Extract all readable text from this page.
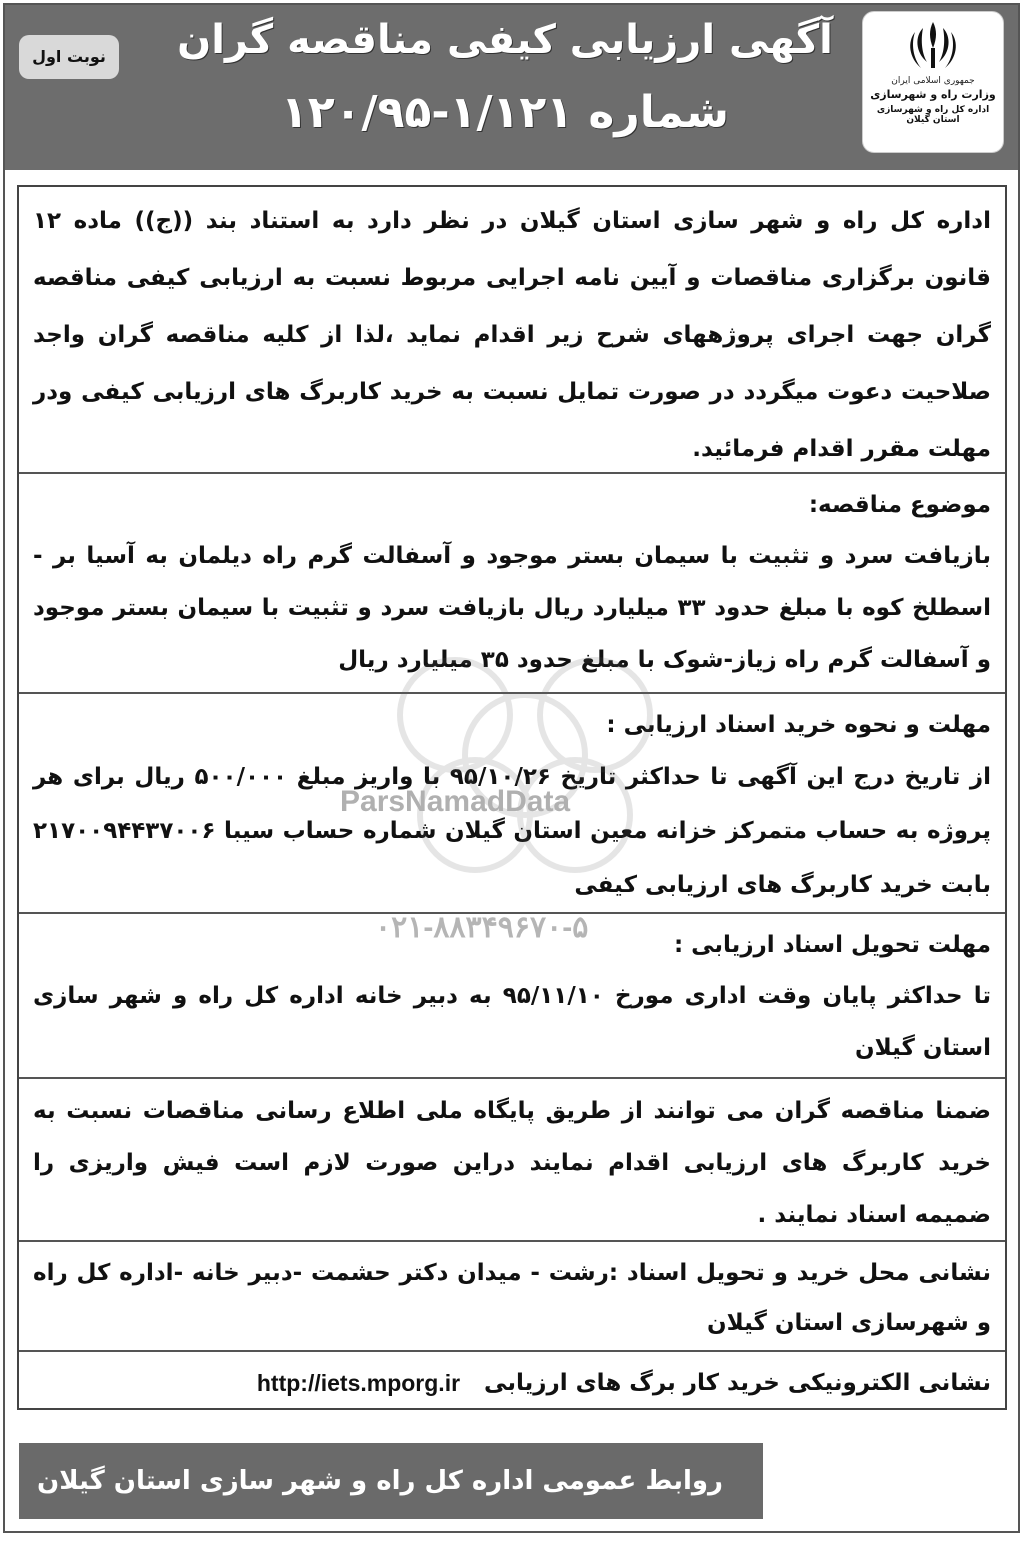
جمهوری اسلامی ایران
وزارت راه و شهرسازی
اداره کل راه و شهرسازی استان گیلان
آگهی ارزیابی کیفی مناقصه گران
شماره ۱/۱۲۱-۱۲۰/۹۵
نوبت اول

اداره کل راه و شهر سازی استان گیلان در نظر دارد به استناد بند ((ج)) ماده ۱۲ قانون برگزاری مناقصات و آیین نامه اجرایی مربوط نسبت به ارزیابی کیفی مناقصه گران جهت اجرای پروژههای شرح زیر اقدام نماید ،لذا از کلیه مناقصه گران واجد صلاحیت دعوت میگردد در صورت تمایل نسبت به خرید کاربرگ های ارزیابی کیفی ودر مهلت مقرر اقدام فرمائید.

موضوع مناقصه:

بازیافت سرد و تثبیت با سیمان بستر موجود و آسفالت گرم راه دیلمان به آسیا بر - اسطلخ کوه با مبلغ حدود ۳۳ میلیارد ریال بازیافت سرد و تثبیت با سیمان بستر موجود و آسفالت گرم راه زیاز-شوک با مبلغ حدود ۳۵ میلیارد ریال

مهلت و نحوه خرید اسناد ارزیابی :

از تاریخ درج این آگهی تا حداکثر تاریخ ۹۵/۱۰/۲۶ با واریز مبلغ ۵۰۰/۰۰۰ ریال برای هر پروژه به حساب متمرکز خزانه معین استان گیلان شماره حساب سیبا ۲۱۷۰۰۹۴۴۳۷۰۰۶ بابت خرید کاربرگ های ارزیابی کیفی

مهلت تحویل اسناد ارزیابی :

تا حداکثر پایان وقت اداری مورخ ۹۵/۱۱/۱۰ به دبیر خانه اداره کل راه و شهر سازی استان گیلان

ضمنا مناقصه گران می توانند از طریق پایگاه ملی اطلاع رسانی مناقصات نسبت به خرید کاربرگ های ارزیابی اقدام نمایند دراین صورت لازم است فیش واریزی را ضمیمه اسناد نمایند .

نشانی محل خرید و تحویل اسناد :رشت - میدان دکتر حشمت -دبیر خانه -اداره کل راه و شهرسازی استان گیلان

نشانی الکترونیکی خرید کار برگ های ارزیابی
http://iets.mporg.ir
ParsNamadData
۰۲۱-۸۸۳۴۹۶۷۰-۵
روابط عمومی اداره کل راه و شهر سازی استان گیلان
